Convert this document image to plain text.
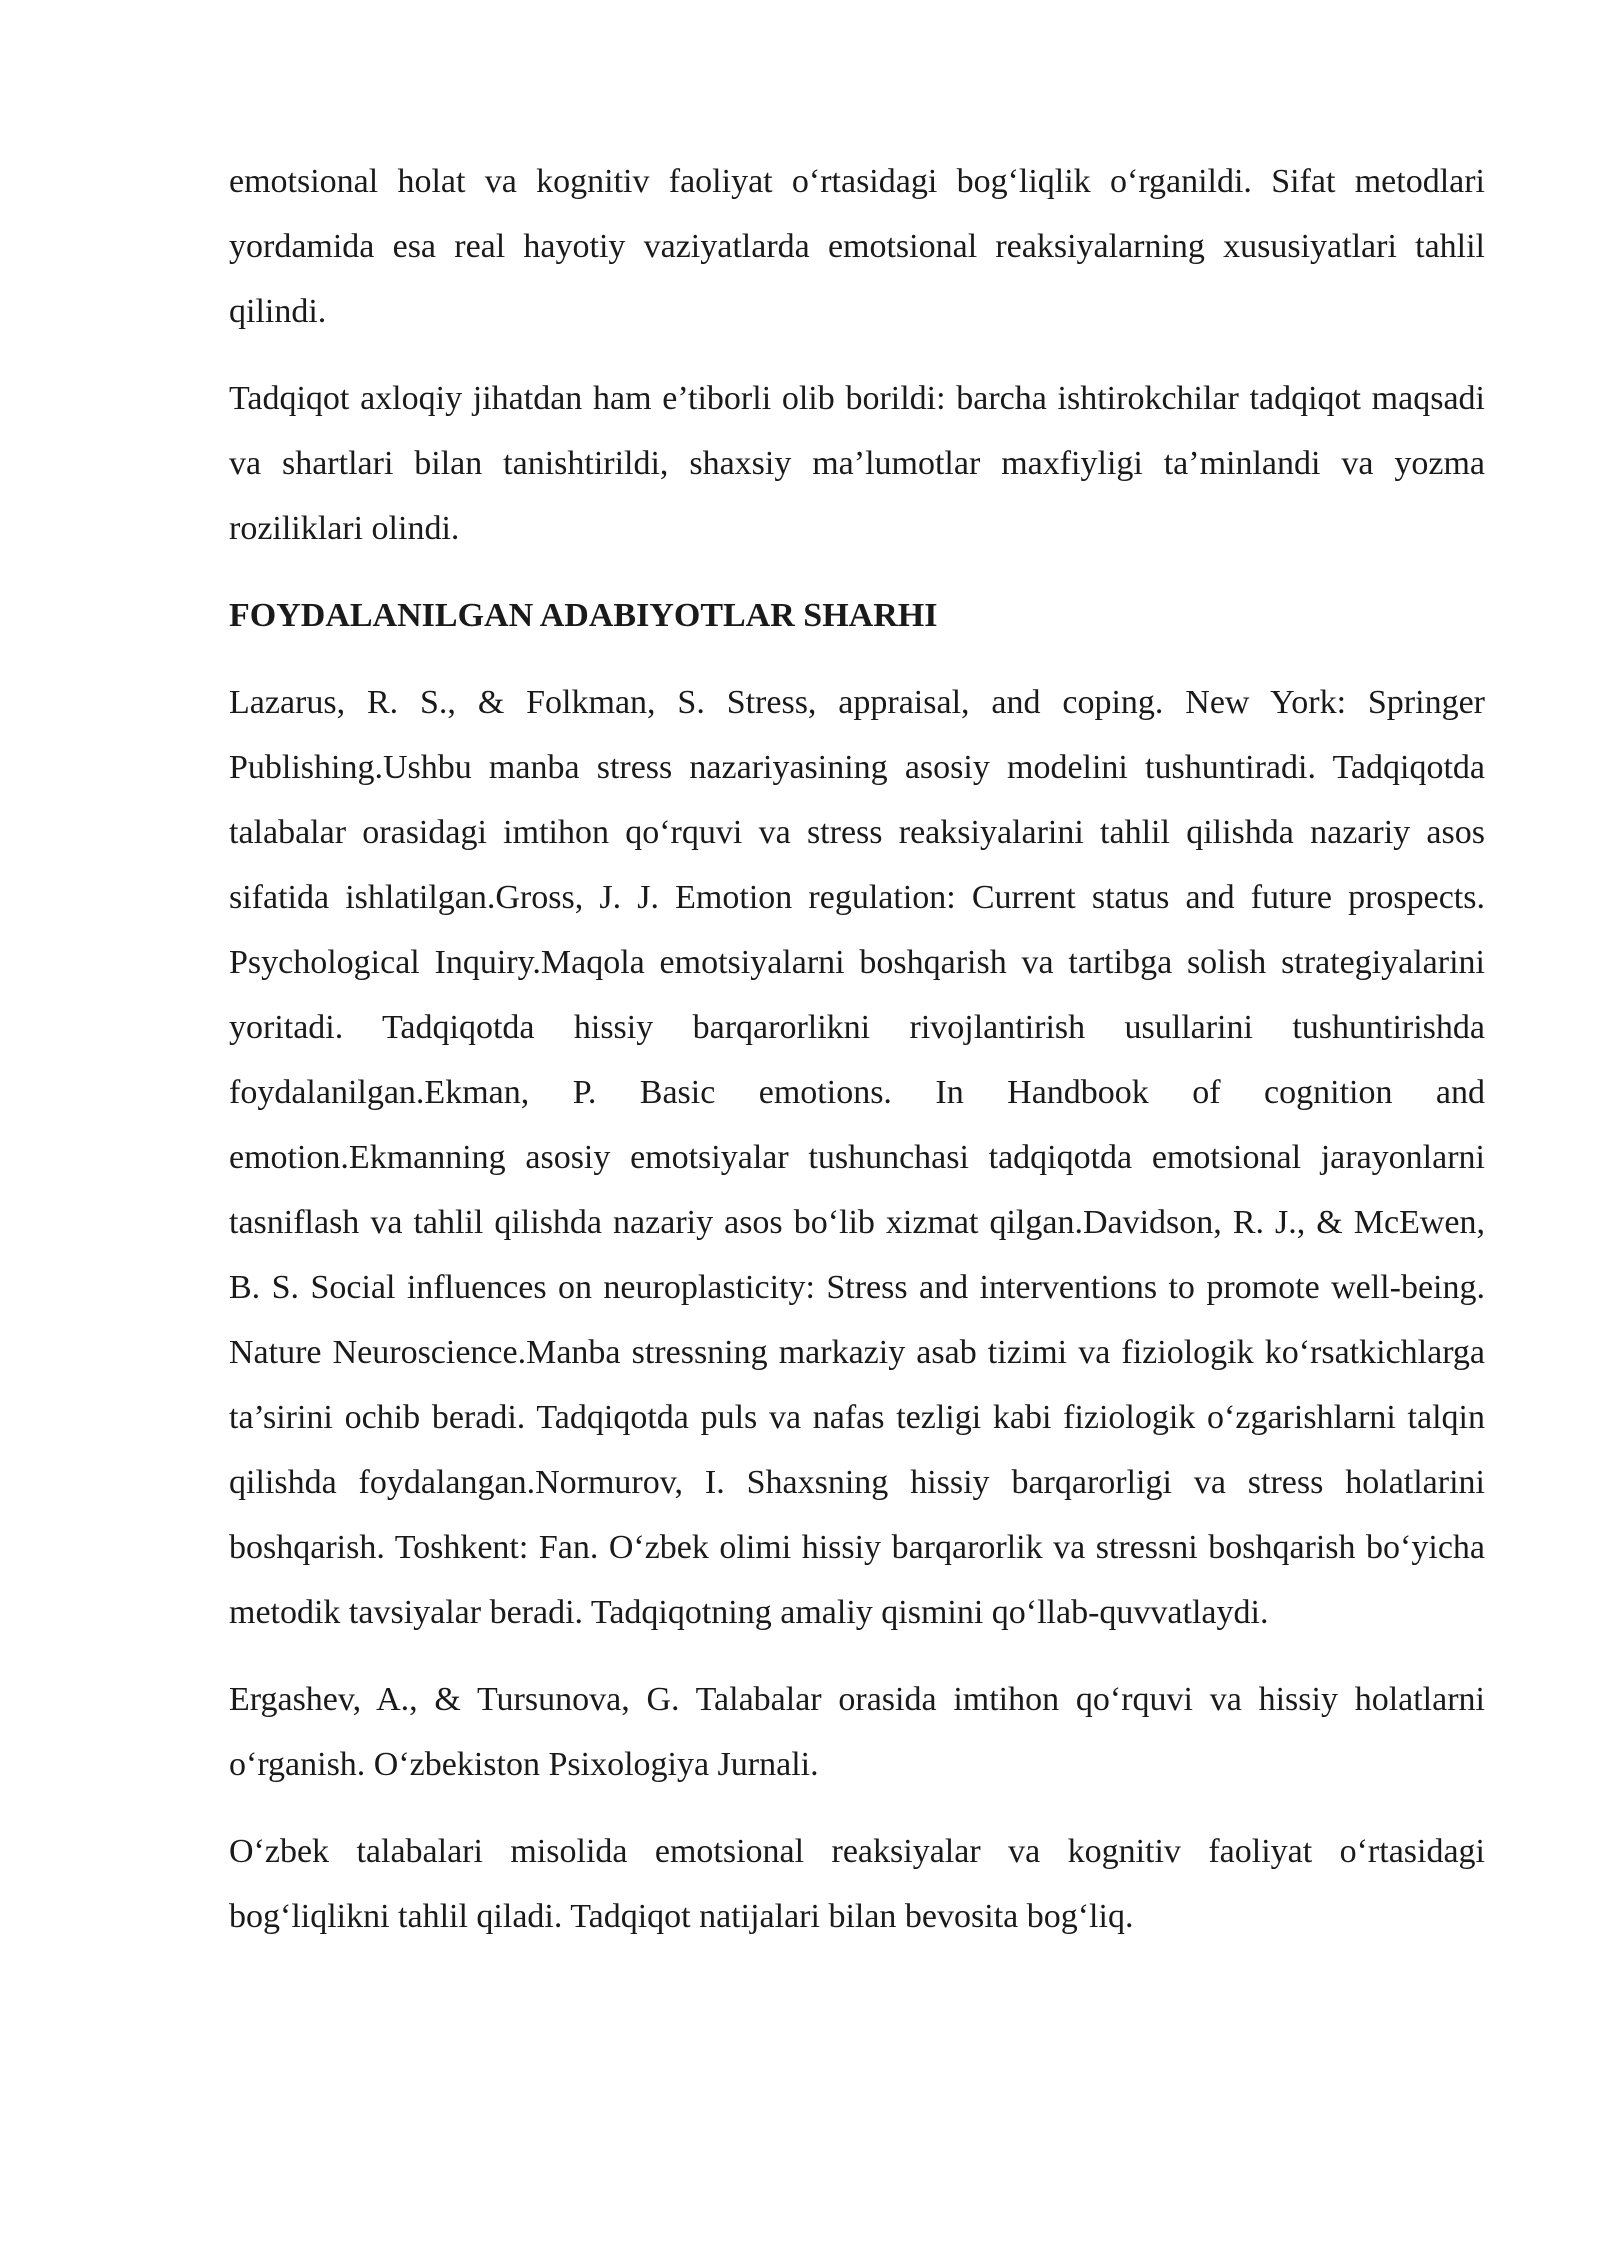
emotsional holat va kognitiv faoliyat o‘rtasidagi bog‘liqlik o‘rganildi. Sifat metodlari yordamida esa real hayotiy vaziyatlarda emotsional reaksiyalarning xususiyatlari tahlil qilindi.

Tadqiqot axloqiy jihatdan ham e’tiborli olib borildi: barcha ishtirokchilar tadqiqot maqsadi va shartlari bilan tanishtirildi, shaxsiy ma’lumotlar maxfiyligi ta’minlandi va yozma roziliklari olindi.

FOYDALANILGAN ADABIYOTLAR SHARHI

Lazarus, R. S., & Folkman, S. Stress, appraisal, and coping. New York: Springer Publishing.Ushbu manba stress nazariyasining asosiy modelini tushuntiradi. Tadqiqotda talabalar orasidagi imtihon qo‘rquvi va stress reaksiyalarini tahlil qilishda nazariy asos sifatida ishlatilgan.Gross, J. J. Emotion regulation: Current status and future prospects. Psychological Inquiry.Maqola emotsiyalarni boshqarish va tartibga solish strategiyalarini yoritadi. Tadqiqotda hissiy barqarorlikni rivojlantirish usullarini tushuntirishda foydalanilgan.Ekman, P. Basic emotions. In Handbook of cognition and emotion.Ekmanning asosiy emotsiyalar tushunchasi tadqiqotda emotsional jarayonlarni tasniflash va tahlil qilishda nazariy asos bo‘lib xizmat qilgan.Davidson, R. J., & McEwen, B. S. Social influences on neuroplasticity: Stress and interventions to promote well-being. Nature Neuroscience.Manba stressning markaziy asab tizimi va fiziologik ko‘rsatkichlarga ta’sirini ochib beradi. Tadqiqotda puls va nafas tezligi kabi fiziologik o‘zgarishlarni talqin qilishda foydalangan.Normurov, I. Shaxsning hissiy barqarorligi va stress holatlarini boshqarish. Toshkent: Fan. O‘zbek olimi hissiy barqarorlik va stressni boshqarish bo‘yicha metodik tavsiyalar beradi. Tadqiqotning amaliy qismini qo‘llab-quvvatlaydi.

Ergashev, A., & Tursunova, G. Talabalar orasida imtihon qo‘rquvi va hissiy holatlarni o‘rganish. O‘zbekiston Psixologiya Jurnali.

O‘zbek talabalari misolida emotsional reaksiyalar va kognitiv faoliyat o‘rtasidagi bog‘liqlikni tahlil qiladi. Tadqiqot natijalari bilan bevosita bog‘liq.
